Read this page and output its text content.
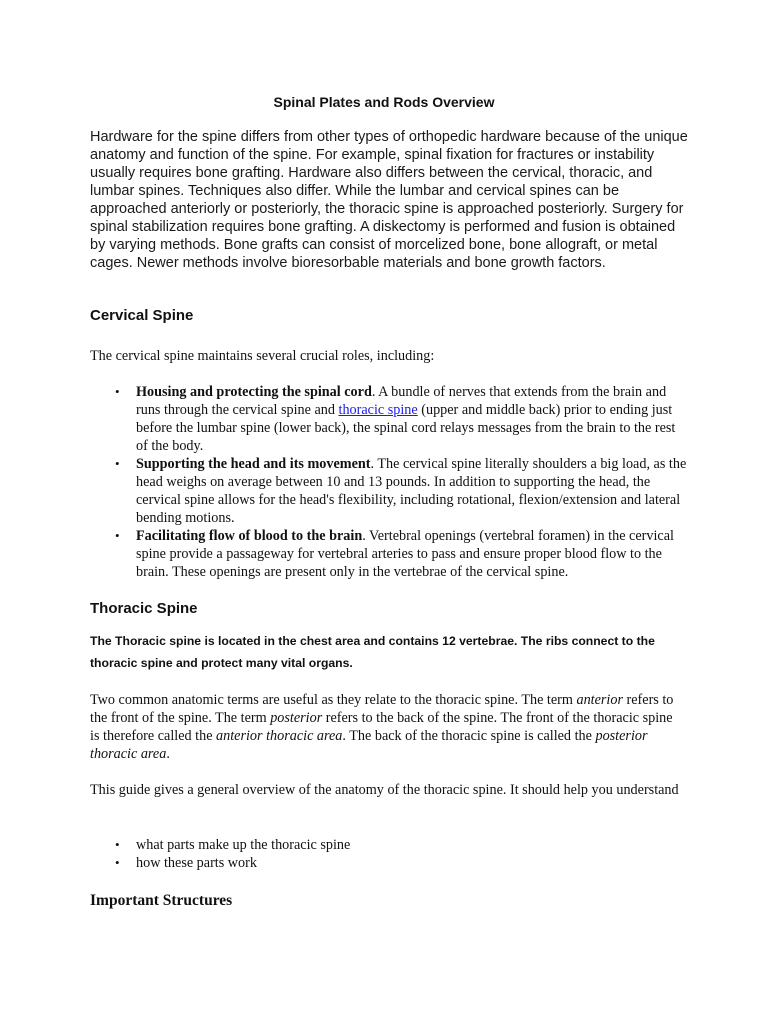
Spinal Plates and Rods Overview

Hardware for the spine differs from other types of orthopedic hardware because of the unique anatomy and function of the spine. For example, spinal fixation for fractures or instability usually requires bone grafting. Hardware also differs between the cervical, thoracic, and lumbar spines. Techniques also differ. While the lumbar and cervical spines can be approached anteriorly or posteriorly, the thoracic spine is approached posteriorly. Surgery for spinal stabilization requires bone grafting. A diskectomy is performed and fusion is obtained by varying methods. Bone grafts can consist of morcelized bone, bone allograft, or metal cages. Newer methods involve bioresorbable materials and bone growth factors.

Cervical Spine

The cervical spine maintains several crucial roles, including:

• Housing and protecting the spinal cord. A bundle of nerves that extends from the brain and runs through the cervical spine and thoracic spine (upper and middle back) prior to ending just before the lumbar spine (lower back), the spinal cord relays messages from the brain to the rest of the body.
• Supporting the head and its movement. The cervical spine literally shoulders a big load, as the head weighs on average between 10 and 13 pounds. In addition to supporting the head, the cervical spine allows for the head's flexibility, including rotational, flexion/extension and lateral bending motions.
• Facilitating flow of blood to the brain. Vertebral openings (vertebral foramen) in the cervical spine provide a passageway for vertebral arteries to pass and ensure proper blood flow to the brain. These openings are present only in the vertebrae of the cervical spine.
Thoracic Spine

The Thoracic spine is located in the chest area and contains 12 vertebrae. The ribs connect to the thoracic spine and protect many vital organs.

Two common anatomic terms are useful as they relate to the thoracic spine. The term anterior refers to the front of the spine. The term posterior refers to the back of the spine. The front of the thoracic spine is therefore called the anterior thoracic area. The back of the thoracic spine is called the posterior thoracic area.

This guide gives a general overview of the anatomy of the thoracic spine. It should help you understand

• what parts make up the thoracic spine
• how these parts work
Important Structures
